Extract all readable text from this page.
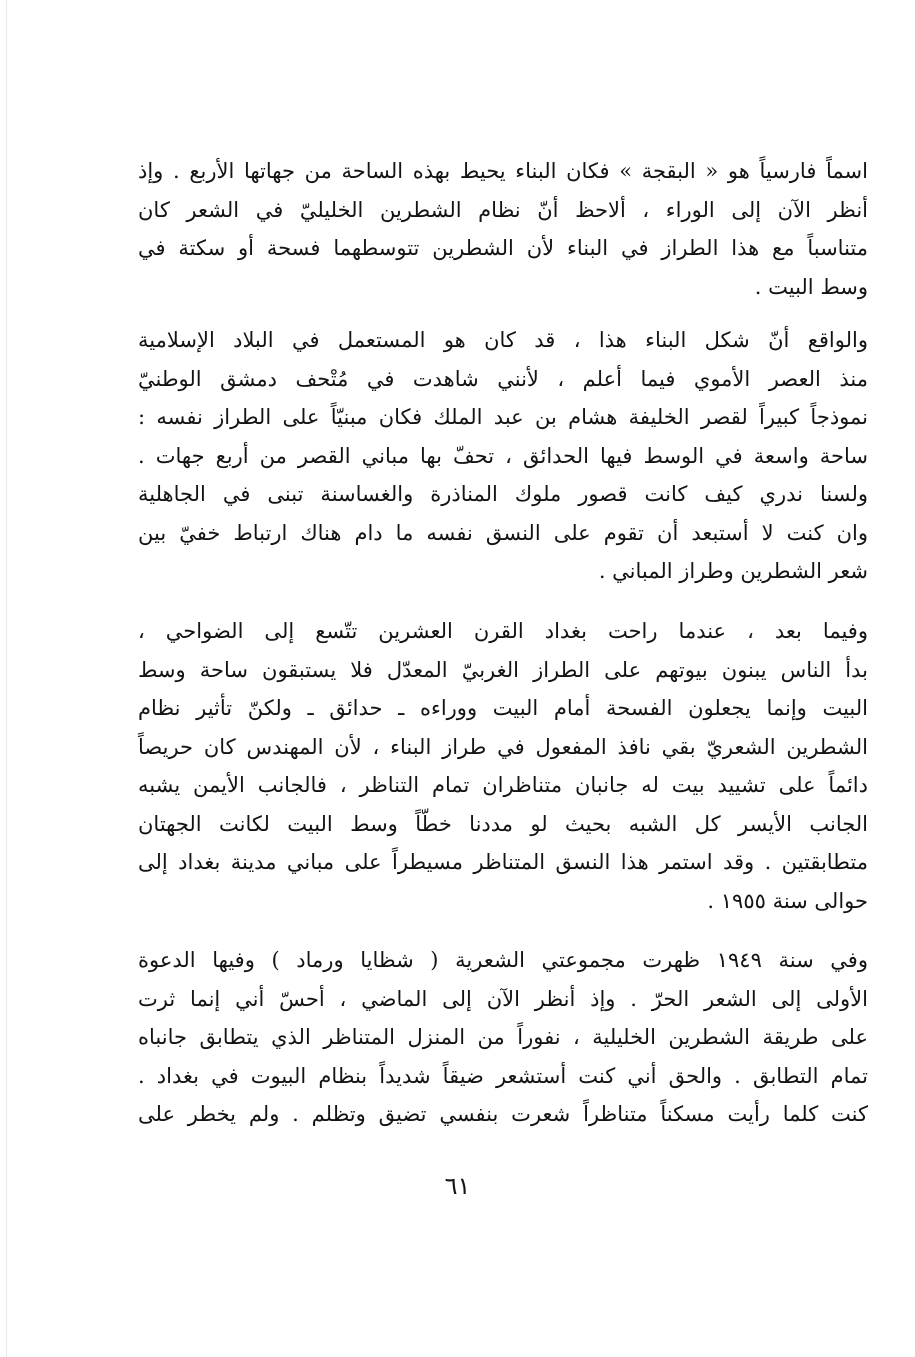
اسماً فارسياً هو « البقجة » فكان البناء يحيط بهذه الساحة من جهاتها الأربع . وإذ
أنظر الآن إلى الوراء ، ألاحظ أنّ نظام الشطرين الخليليّ في الشعر كان
متناسباً مع هذا الطراز في البناء لأن الشطرين تتوسطهما فسحة أو سكتة في
وسط البيت .
والواقع أنّ شكل البناء هذا ، قد كان هو المستعمل في البلاد الإسلامية
منذ العصر الأموي فيما أعلم ، لأنني شاهدت في مُتْحف دمشق الوطنيّ
نموذجاً كبيراً لقصر الخليفة هشام بن عبد الملك فكان مبنيّاً على الطراز نفسه :
ساحة واسعة في الوسط فيها الحدائق ، تحفّ بها مباني القصر من أربع جهات .
ولسنا ندري كيف كانت قصور ملوك المناذرة والغساسنة تبنى في الجاهلية
وان كنت لا أستبعد أن تقوم على النسق نفسه ما دام هناك ارتباط خفيّ بين
شعر الشطرين وطراز المباني .
وفيما بعد ، عندما راحت بغداد القرن العشرين تتّسع إلى الضواحي ،
بدأ الناس يبنون بيوتهم على الطراز الغربيّ المعدّل فلا يستبقون ساحة وسط
البيت وإنما يجعلون الفسحة أمام البيت ووراءه ـ حدائق ـ ولكنّ تأثير نظام
الشطرين الشعريّ بقي نافذ المفعول في طراز البناء ، لأن المهندس كان حريصاً
دائماً على تشييد بيت له جانبان متناظران تمام التناظر ، فالجانب الأيمن يشبه
الجانب الأيسر كل الشبه بحيث لو مددنا خطّاً وسط البيت لكانت الجهتان
متطابقتين . وقد استمر هذا النسق المتناظر مسيطراً على مباني مدينة بغداد إلى
حوالى سنة ١٩٥٥ .
وفي سنة ١٩٤٩ ظهرت مجموعتي الشعرية ( شظايا ورماد ) وفيها الدعوة
الأولى إلى الشعر الحرّ . وإذ أنظر الآن إلى الماضي ، أحسّ أني إنما ثرت
على طريقة الشطرين الخليلية ، نفوراً من المنزل المتناظر الذي يتطابق جانباه
تمام التطابق . والحق أني كنت أستشعر ضيقاً شديداً بنظام البيوت في بغداد .
كنت كلما رأيت مسكناً متناظراً شعرت بنفسي تضيق وتظلم . ولم يخطر على
٦١
